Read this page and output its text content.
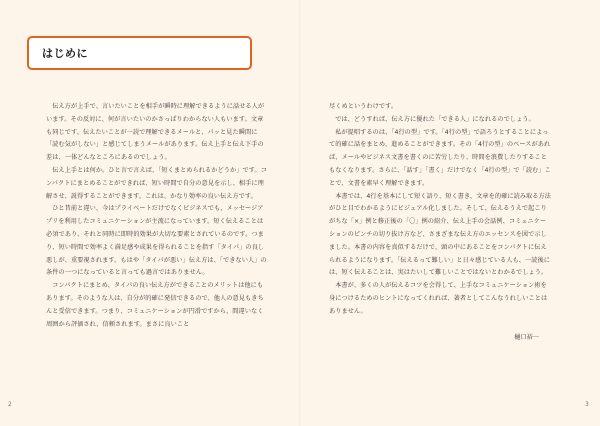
はじめに

伝え方が上手で、言いたいことを相手が瞬時に理解できるように話せる人がいます。その反対に、何が言いたいのかさっぱりわからない人もいます。文章も同じです。伝えたいことが一読で理解できるメールと、パッと見た瞬間に「読む気がしない」と感じてしまうメールがあります。伝え上手と伝え下手の差は、一体どんなところにあるのでしょう。

伝え上手とは何か。ひと言で言えば、「短くまとめられるかどうか」です。コンパクトにまとめることができれば、短い時間で自分の意見を示し、相手に理解させ、説得することができます。これは、かなり効率の良い伝え方です。

ひと昔前と違い、今はプライベートだけでなくビジネスでも、メッセージアプリを利用したコミュニケーションが主流になっています。短く伝えることは必須であり、それと同時に即時的効果が大切な要素とされているのです。つまり、短い時間で効率よく満足感や成果を得られることを指す「タイパ」の良し悪しが、重要視されます。もはや「タイパが悪い」伝え方は、「できない人」の条件の一つになっていると言っても過言ではありません。

コンパクトにまとめ、タイパの良い伝え方ができることのメリットは他にもあります。そのような人は、自分が的確に発信できるので、他人の意見もきちんと受信できます。つまり、コミュニケーションが円滑ですから、間違いなく周囲から評価され、信頼されます。まさに良いこと

尽くめというわけです。

では、どうすれば、伝え方に優れた「できる人」になれるのでしょう。

私が提唱するのは、「4行の型」です。「4行の型」で語ろうとすることによって的確に話をまとめ、進めることができます。その「4行の型」のベースがあれば、メールやビジネス文書を書くのに苦労したり、時間を浪費したりすることもなくなります。さらに、「話す」「書く」だけでなく「4行の型」で「読む」ことで、文書を素早く理解できます。

本書では、4行を基本にして短く語り、短く書き、文章を的確に読み取る方法がひと目でわかるようにビジュアル化しました。そして、伝えるうえで起こりがちな「×」例と修正後の「〇」例の紹介、伝え上手の会話例、コミュニケーションのピンチの切り抜け方など、さまざまな伝え方のエッセンスを図で示しました。本書の内容を真似するだけで、頭の中にあることをコンパクトに伝えられるようになります。「伝えるって難しい」と日々感じている人も、一読後には、短く伝えることは、実はたいして難しいことではないとわかるでしょう。

本書が、多くの人が伝えるコツを会得して、上手なコミュニケーション術を身につけるためのヒントになってくれれば、著者としてこんなうれしいことはありません。

樋口裕一
2	3
